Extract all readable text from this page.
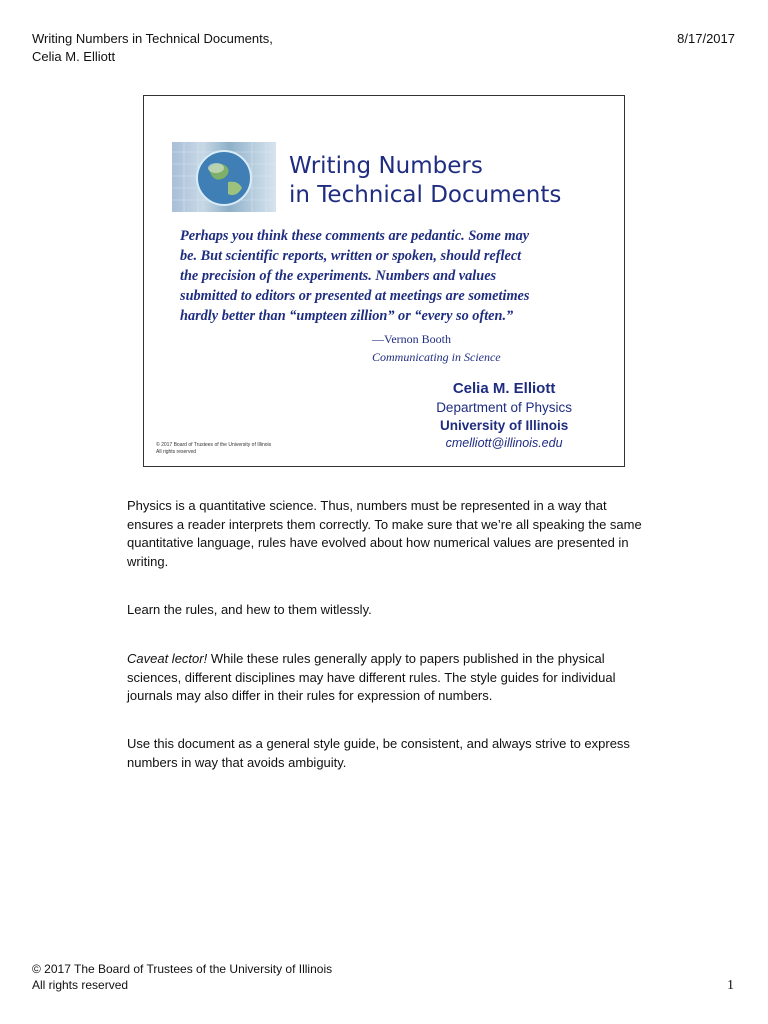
Writing Numbers in Technical Documents,
Celia M. Elliott
8/17/2017
Writing Numbers
in Technical Documents
Perhaps you think these comments are pedantic. Some may
be. But scientific reports, written or spoken, should reflect
the precision of the experiments. Numbers and values
submitted to editors or presented at meetings are sometimes
hardly better than “umpteen zillion” or “every so often.”
—Vernon Booth
Communicating in Science
Celia M. Elliott
Department of Physics
University of Illinois
cmelliott@illinois.edu
© 2017 Board of Trustees of the University of Illinois
All rights reserved
Physics is a quantitative science. Thus, numbers must be represented in a way that ensures a reader interprets them correctly. To make sure that we’re all speaking the same quantitative language, rules have evolved about how numerical values are presented in writing.
Learn the rules, and hew to them witlessly.
Caveat lector! While these rules generally apply to papers published in the physical sciences, different disciplines may have different rules. The style guides for individual journals may also differ in their rules for expression of numbers.
Use this document as a general style guide, be consistent, and always strive to express numbers in way that avoids ambiguity.
© 2017 The Board of Trustees of the University of Illinois
All rights reserved	1
